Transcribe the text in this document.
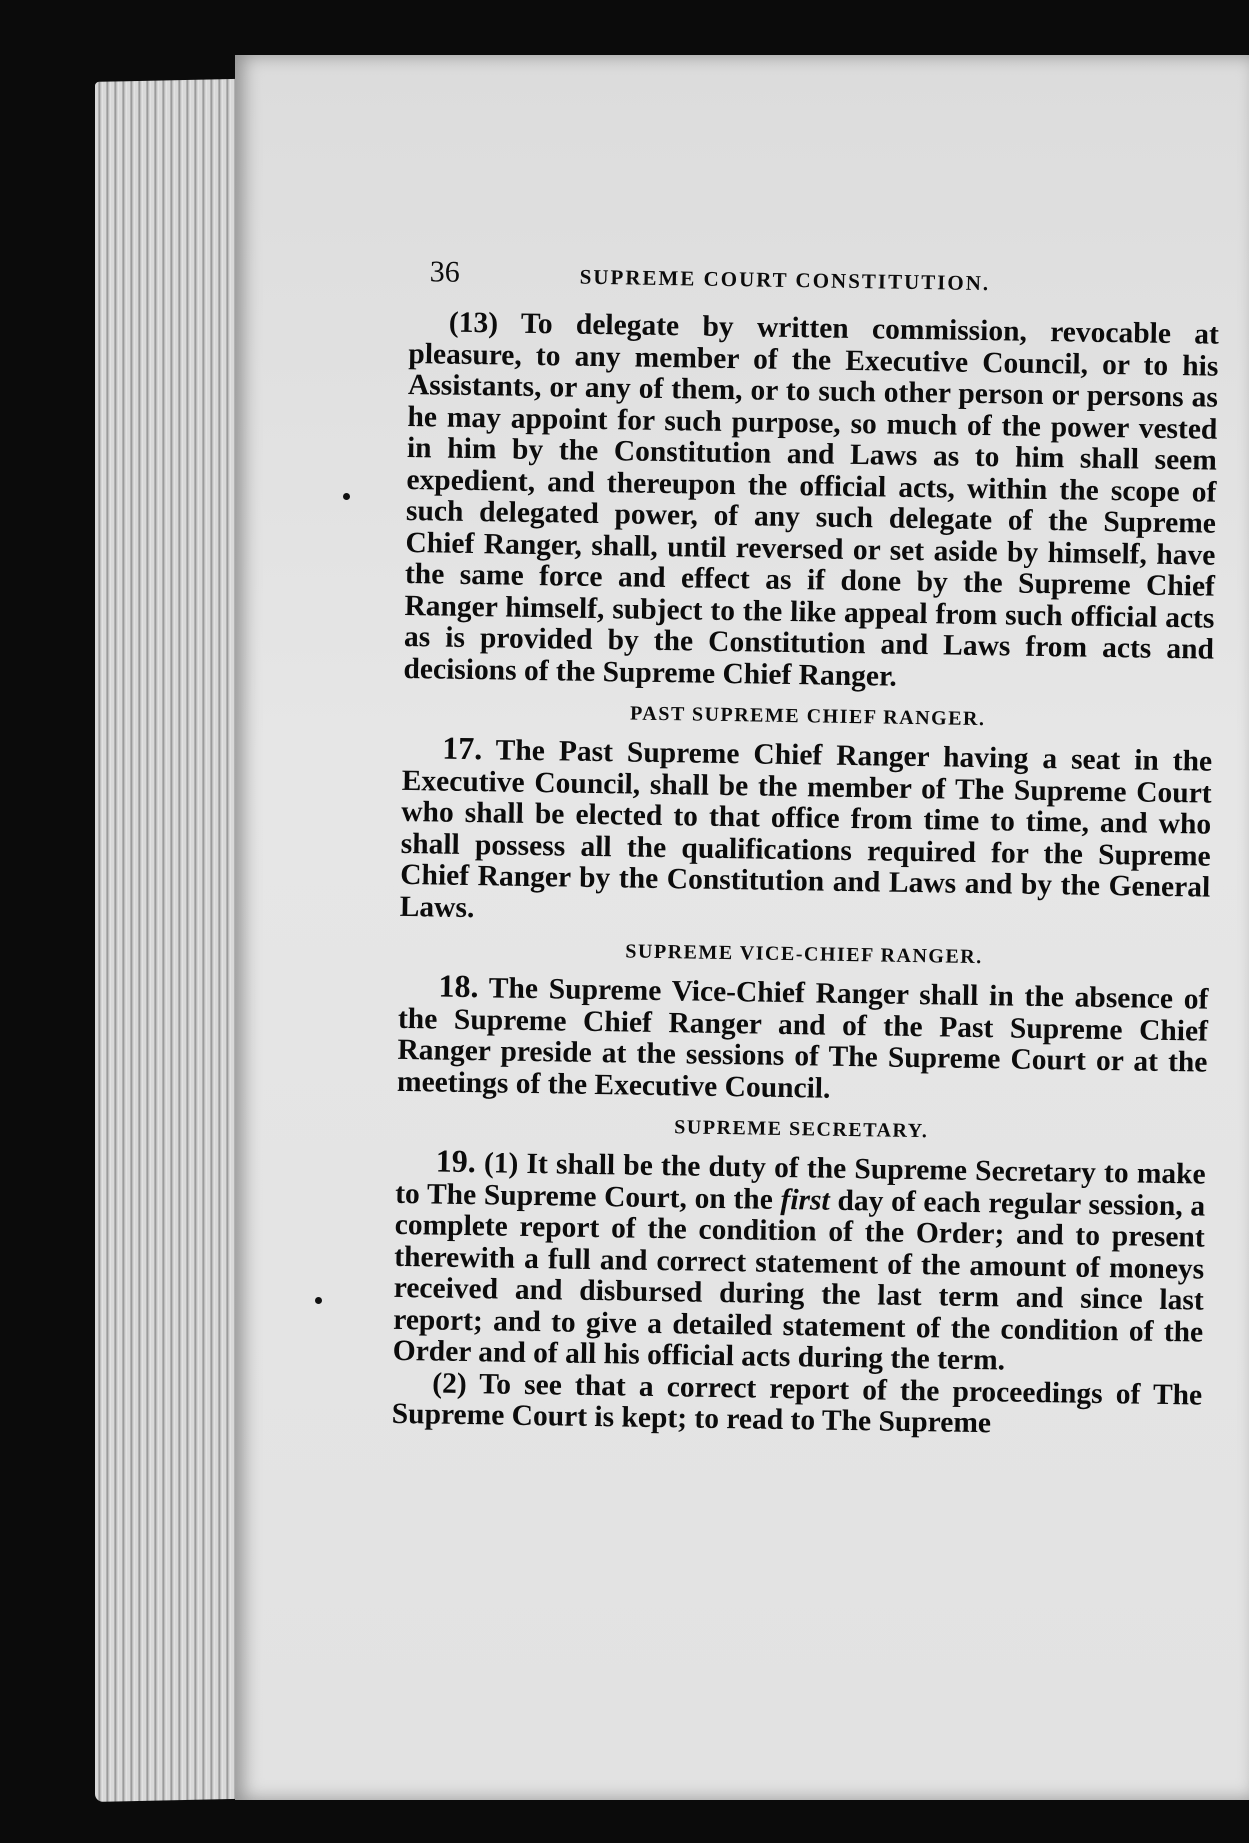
36	SUPREME COURT CONSTITUTION.

(13) To delegate by written commission, revocable at pleasure, to any member of the Executive Council, or to his Assistants, or any of them, or to such other person or persons as he may appoint for such purpose, so much of the power vested in him by the Constitution and Laws as to him shall seem expedient, and thereupon the official acts, within the scope of such delegated power, of any such delegate of the Supreme Chief Ranger, shall, until reversed or set aside by himself, have the same force and effect as if done by the Supreme Chief Ranger himself, subject to the like appeal from such official acts as is provided by the Constitution and Laws from acts and decisions of the Supreme Chief Ranger.

PAST SUPREME CHIEF RANGER.

17. The Past Supreme Chief Ranger having a seat in the Executive Council, shall be the member of The Supreme Court who shall be elected to that office from time to time, and who shall possess all the qualifications required for the Supreme Chief Ranger by the Constitution and Laws and by the General Laws.

SUPREME VICE-CHIEF RANGER.

18. The Supreme Vice-Chief Ranger shall in the absence of the Supreme Chief Ranger and of the Past Supreme Chief Ranger preside at the sessions of The Supreme Court or at the meetings of the Executive Council.

SUPREME SECRETARY.

19. (1) It shall be the duty of the Supreme Secretary to make to The Supreme Court, on the first day of each regular session, a complete report of the condition of the Order; and to present therewith a full and correct statement of the amount of moneys received and disbursed during the last term and since last report; and to give a detailed statement of the condition of the Order and of all his official acts during the term.

(2) To see that a correct report of the proceedings of The Supreme Court is kept; to read to The Supreme
